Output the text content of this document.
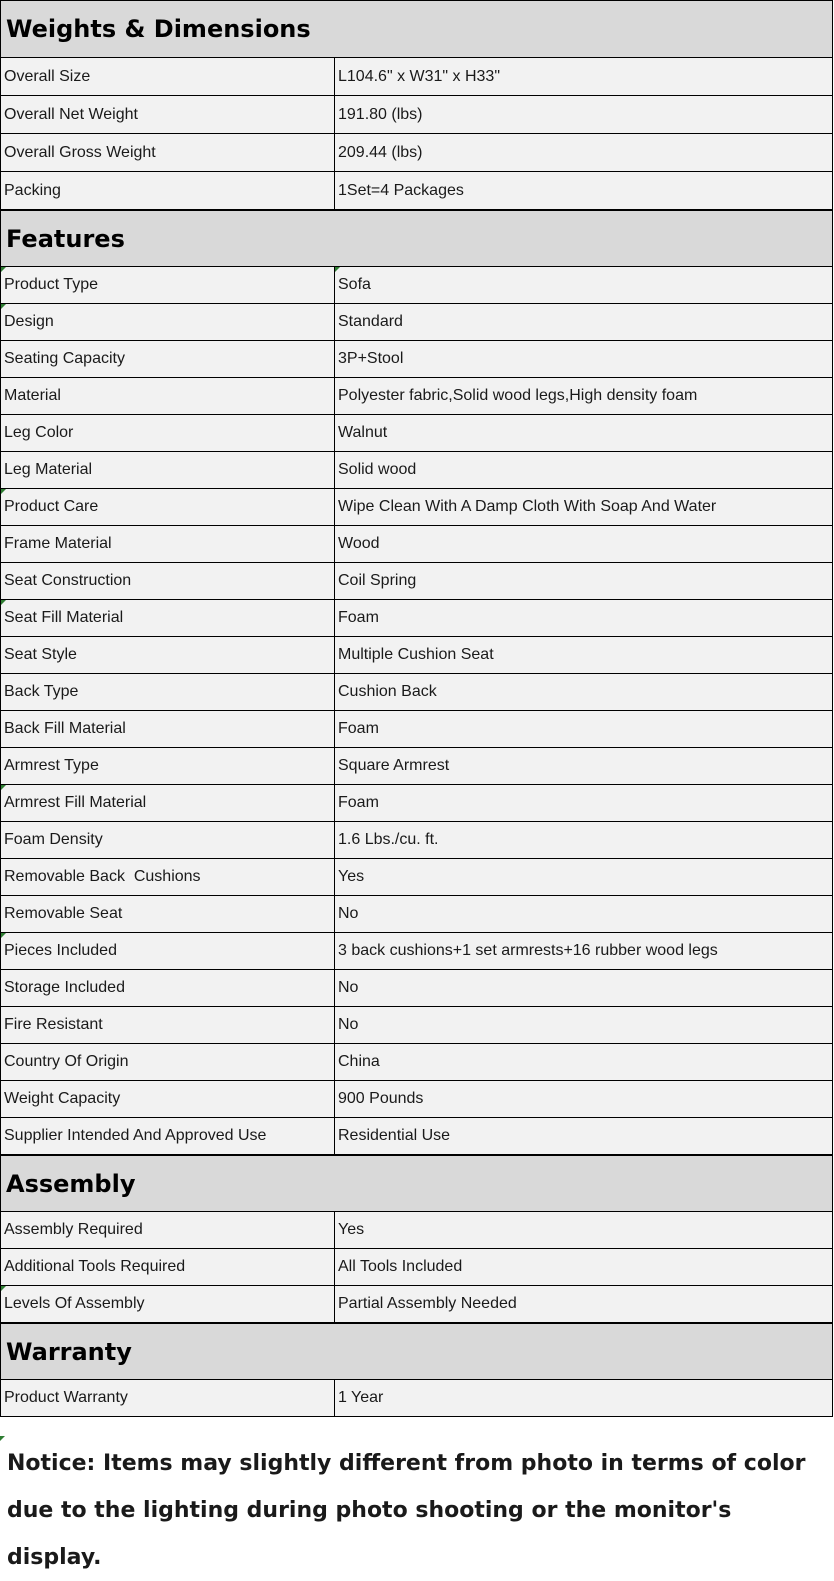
Weights & Dimensions
Overall Size	L104.6" x W31" x H33"
Overall Net Weight	191.80 (lbs)
Overall Gross Weight	209.44 (lbs)
Packing	1Set=4 Packages
Features
Product Type	Sofa
Design	Standard
Seating Capacity	3P+Stool
Material	Polyester fabric,Solid wood legs,High density foam
Leg Color	Walnut
Leg Material	Solid wood
Product Care	Wipe Clean With A Damp Cloth With Soap And Water
Frame Material	Wood
Seat Construction	Coil Spring
Seat Fill Material	Foam
Seat Style	Multiple Cushion Seat
Back Type	Cushion Back
Back Fill Material	Foam
Armrest Type	Square Armrest
Armrest Fill Material	Foam
Foam Density	1.6 Lbs./cu. ft.
Removable Back  Cushions	Yes
Removable Seat	No
Pieces Included	3 back cushions+1 set armrests+16 rubber wood legs
Storage Included	No
Fire Resistant	No
Country Of Origin	China
Weight Capacity	900 Pounds
Supplier Intended And Approved Use	Residential Use
Assembly
Assembly Required	Yes
Additional Tools Required	All Tools Included
Levels Of Assembly	Partial Assembly Needed
Warranty
Product Warranty	1 Year
Notice: Items may slightly different from photo in terms of color
due to the lighting during photo shooting or the monitor's display.
